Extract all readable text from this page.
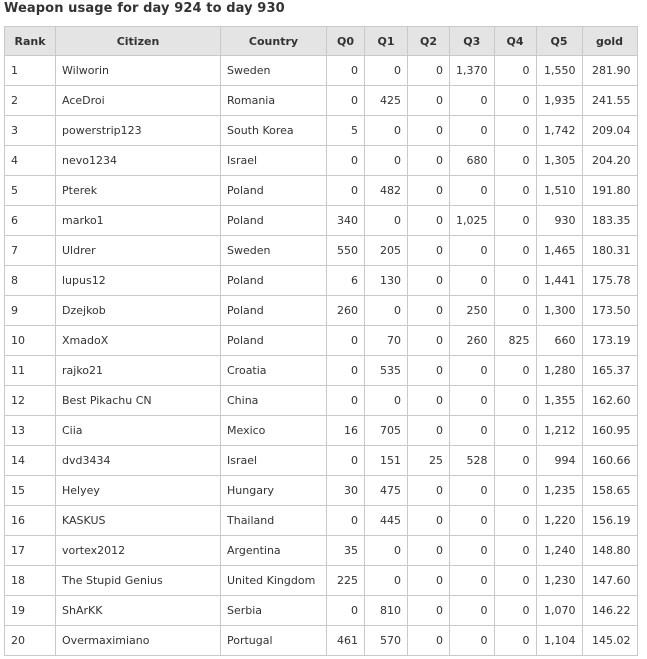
Weapon usage for day 924 to day 930
Rank	Citizen	Country	Q0	Q1	Q2	Q3	Q4	Q5	gold
1	Wilworin	Sweden	0	0	0	1,370	0	1,550	281.90
2	AceDroi	Romania	0	425	0	0	0	1,935	241.55
3	powerstrip123	South Korea	5	0	0	0	0	1,742	209.04
4	nevo1234	Israel	0	0	0	680	0	1,305	204.20
5	Pterek	Poland	0	482	0	0	0	1,510	191.80
6	marko1	Poland	340	0	0	1,025	0	930	183.35
7	Uldrer	Sweden	550	205	0	0	0	1,465	180.31
8	lupus12	Poland	6	130	0	0	0	1,441	175.78
9	Dzejkob	Poland	260	0	0	250	0	1,300	173.50
10	XmadoX	Poland	0	70	0	260	825	660	173.19
11	rajko21	Croatia	0	535	0	0	0	1,280	165.37
12	Best Pikachu CN	China	0	0	0	0	0	1,355	162.60
13	Ciia	Mexico	16	705	0	0	0	1,212	160.95
14	dvd3434	Israel	0	151	25	528	0	994	160.66
15	Helyey	Hungary	30	475	0	0	0	1,235	158.65
16	KASKUS	Thailand	0	445	0	0	0	1,220	156.19
17	vortex2012	Argentina	35	0	0	0	0	1,240	148.80
18	The Stupid Genius	United Kingdom	225	0	0	0	0	1,230	147.60
19	ShArKK	Serbia	0	810	0	0	0	1,070	146.22
20	Overmaximiano	Portugal	461	570	0	0	0	1,104	145.02
